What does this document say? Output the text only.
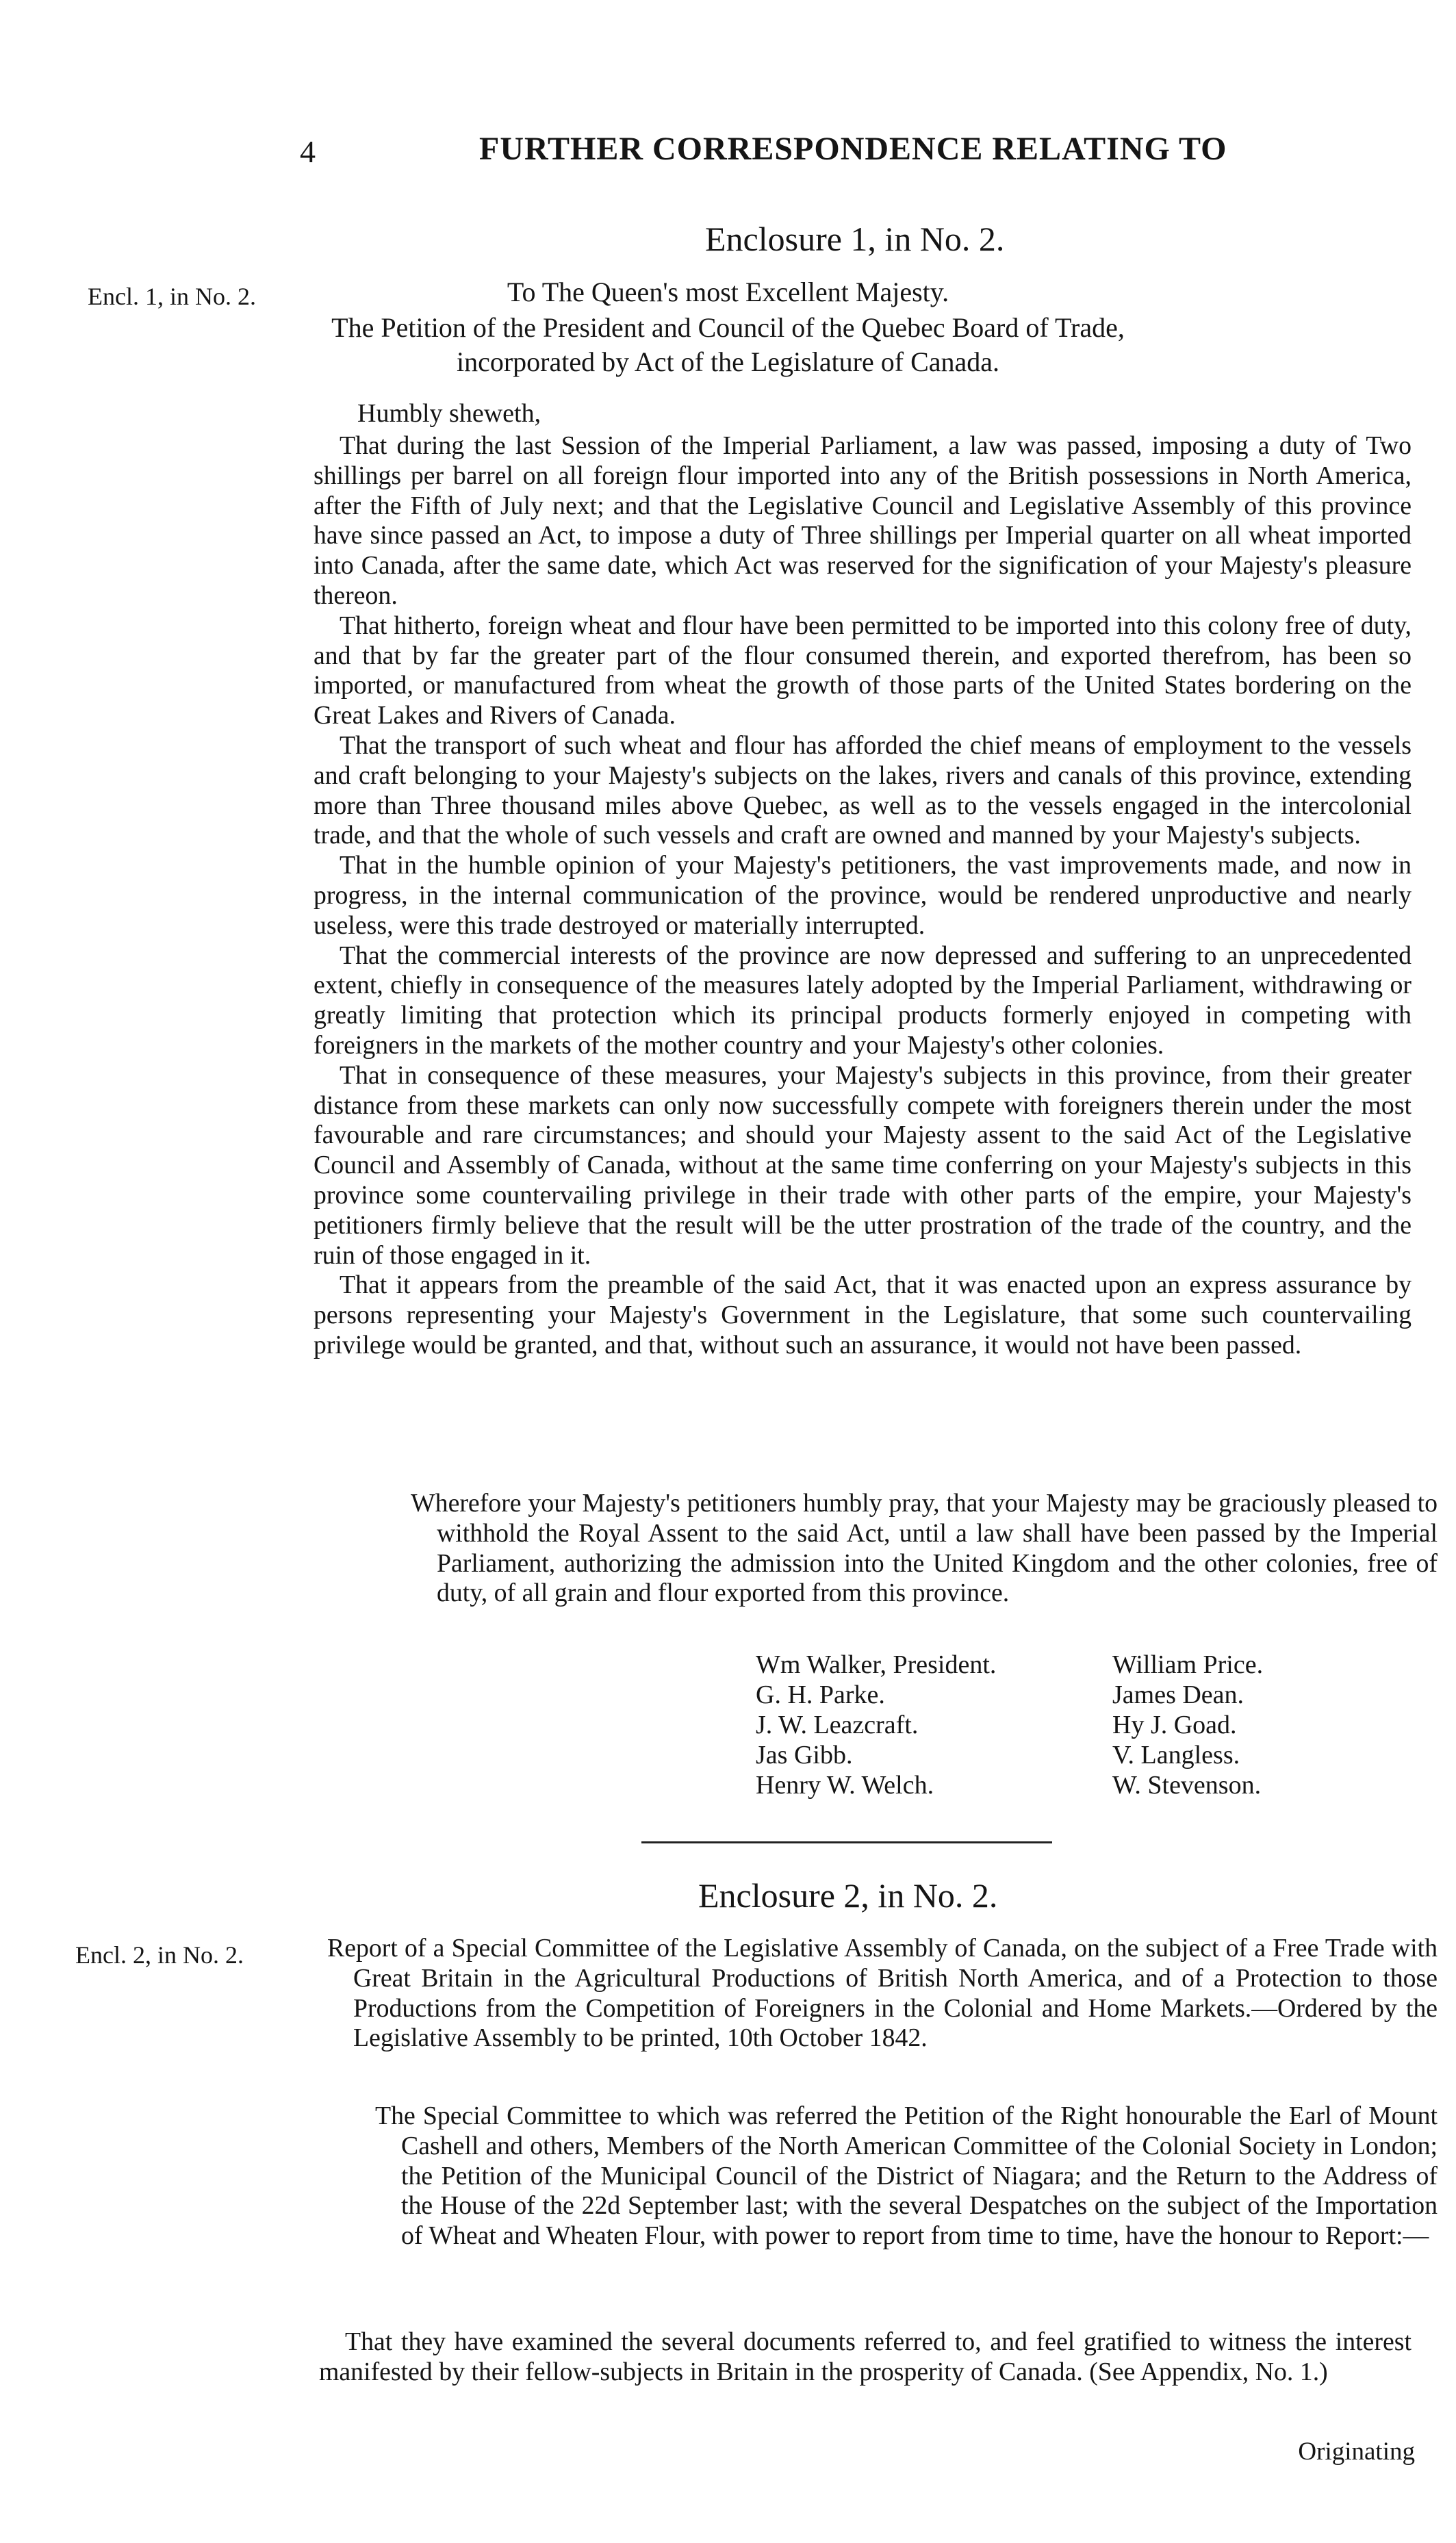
4	FURTHER CORRESPONDENCE RELATING TO
Enclosure 1, in No. 2.
Encl. 1, in No. 2.	To The Queen's most Excellent Majesty.
The Petition of the President and Council of the Quebec Board of Trade,
incorporated by Act of the Legislature of Canada.
Humbly sheweth,

That during the last Session of the Imperial Parliament, a law was passed, imposing a duty of Two shillings per barrel on all foreign flour imported into any of the British possessions in North America, after the Fifth of July next; and that the Legislative Council and Legislative Assembly of this province have since passed an Act, to impose a duty of Three shillings per Imperial quarter on all wheat imported into Canada, after the same date, which Act was reserved for the signification of your Majesty's pleasure thereon.

That hitherto, foreign wheat and flour have been permitted to be imported into this colony free of duty, and that by far the greater part of the flour consumed therein, and exported therefrom, has been so imported, or manufactured from wheat the growth of those parts of the United States bordering on the Great Lakes and Rivers of Canada.

That the transport of such wheat and flour has afforded the chief means of employment to the vessels and craft belonging to your Majesty's subjects on the lakes, rivers and canals of this province, extending more than Three thousand miles above Quebec, as well as to the vessels engaged in the intercolonial trade, and that the whole of such vessels and craft are owned and manned by your Majesty's subjects.

That in the humble opinion of your Majesty's petitioners, the vast improvements made, and now in progress, in the internal communication of the province, would be rendered unproductive and nearly useless, were this trade destroyed or materially interrupted.

That the commercial interests of the province are now depressed and suffering to an unprecedented extent, chiefly in consequence of the measures lately adopted by the Imperial Parliament, withdrawing or greatly limiting that protection which its principal products formerly enjoyed in competing with foreigners in the markets of the mother country and your Majesty's other colonies.

That in consequence of these measures, your Majesty's subjects in this province, from their greater distance from these markets can only now successfully compete with foreigners therein under the most favourable and rare circumstances; and should your Majesty assent to the said Act of the Legislative Council and Assembly of Canada, without at the same time conferring on your Majesty's subjects in this province some countervailing privilege in their trade with other parts of the empire, your Majesty's petitioners firmly believe that the result will be the utter prostration of the trade of the country, and the ruin of those engaged in it.

That it appears from the preamble of the said Act, that it was enacted upon an express assurance by persons representing your Majesty's Government in the Legislature, that some such countervailing privilege would be granted, and that, without such an assurance, it would not have been passed.

Wherefore your Majesty's petitioners humbly pray, that your Majesty may be graciously pleased to withhold the Royal Assent to the said Act, until a law shall have been passed by the Imperial Parliament, authorizing the admission into the United Kingdom and the other colonies, free of duty, of all grain and flour exported from this province.
Wm Walker, President.
G. H. Parke.
J. W. Leazcraft.
Jas Gibb.
Henry W. Welch.
William Price.
James Dean.
Hy J. Goad.
V. Langless.
W. Stevenson.
Enclosure 2, in No. 2.
Encl. 2, in No. 2.	Report of a Special Committee of the Legislative Assembly of Canada, on the subject of a Free Trade with Great Britain in the Agricultural Productions of British North America, and of a Protection to those Productions from the Competition of Foreigners in the Colonial and Home Markets.—Ordered by the Legislative Assembly to be printed, 10th October 1842.
The Special Committee to which was referred the Petition of the Right honourable the Earl of Mount Cashell and others, Members of the North American Committee of the Colonial Society in London; the Petition of the Municipal Council of the District of Niagara; and the Return to the Address of the House of the 22d September last; with the several Despatches on the subject of the Importation of Wheat and Wheaten Flour, with power to report from time to time, have the honour to Report:—

That they have examined the several documents referred to, and feel gratified to witness the interest manifested by their fellow-subjects in Britain in the prosperity of Canada. (See Appendix, No. 1.)

Originating
